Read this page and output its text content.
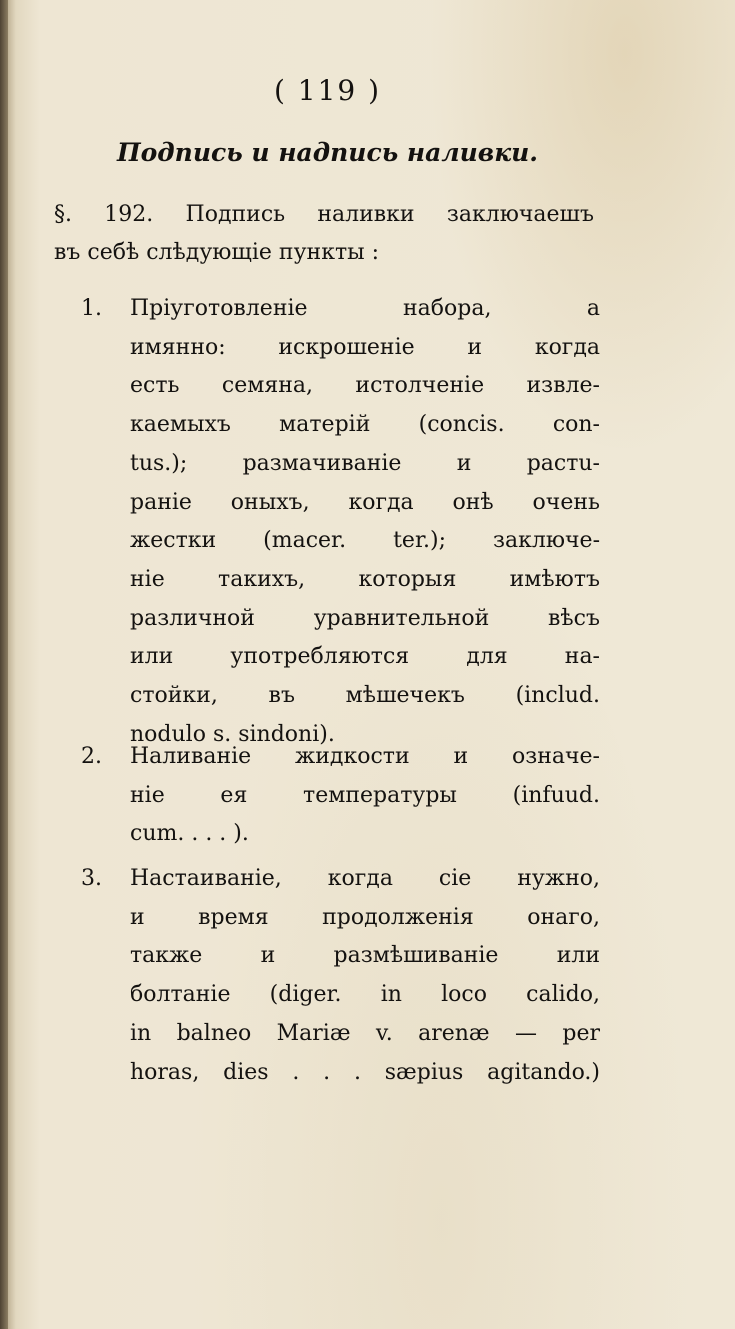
( 119 )
Подпись и надпись наливки.
§. 192. Подпись наливки заключаешъ
въ себѣ слѣдующіе пункты :
1.	Пріуготовленіе набора, а
имянно: искрошеніе и когда
есть семяна, истолченіе извле-
каемыхъ матерій (concis. con-
tus.); размачиваніе и растu-
раніе оныхъ, когда онѣ очень
жестки (macer. ter.); заключе-
ніе такихъ, которыя имѣютъ
различной уравнительной вѣсъ
или употребляются для на-
стойки, въ мѣшечекъ (includ.
nodulo s. sindoni).
2.	Наливаніе жидкости и означе-
ніе ея температуры (infuud.
cum. . . . ).
3.	Настаиваніе, когда сіе нужно,
и время продолженія онаго,
также и размѣшиваніе или
болтаніе (diger. in loco calido,
in balneo Mariæ v. arenæ — per
horas, dies . . . sæpius agitando.)
